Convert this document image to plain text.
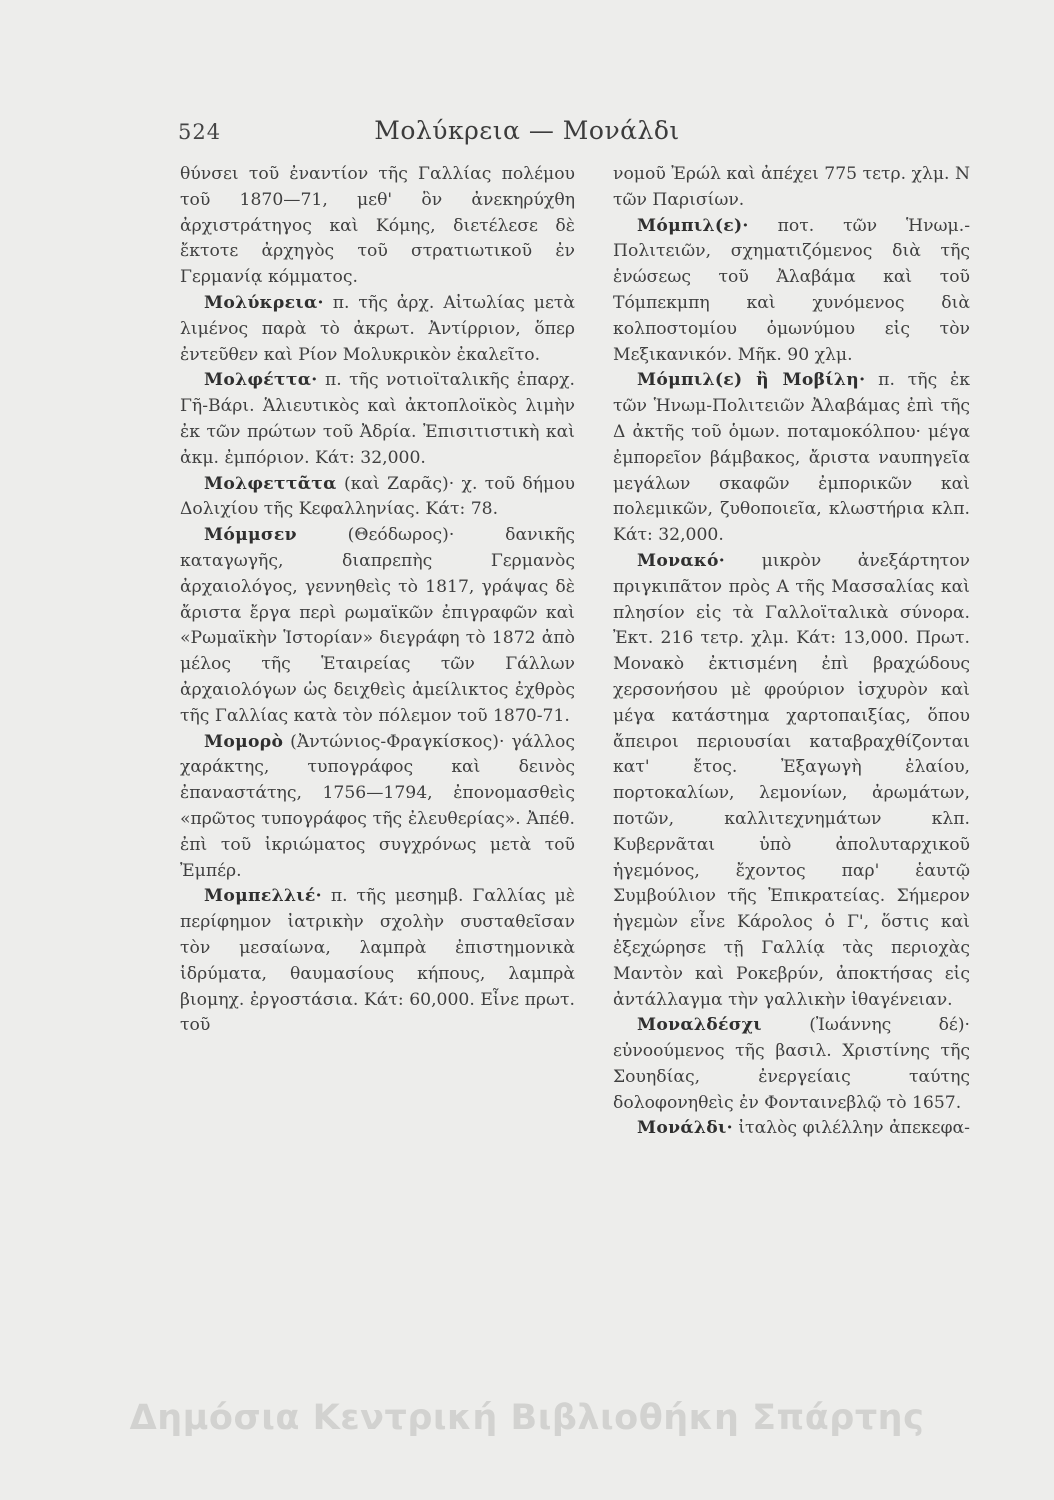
524	Μολύκρεια — Μονάλδι

θύνσει τοῦ ἐναντίον τῆς Γαλλίας πολέμου τοῦ 1870—71, μεθ' ὃν ἀνεκηρύχθη ἀρχιστράτηγος καὶ Κόμης, διετέλεσε δὲ ἔκτοτε ἀρχηγὸς τοῦ στρατιωτικοῦ ἐν Γερμανίᾳ κόμματος.

Μολύκρεια· π. τῆς ἀρχ. Αἰτωλίας μετὰ λιμένος παρὰ τὸ ἀκρωτ. Ἀντίρριον, ὅπερ ἐντεῦθεν καὶ Ρίον Μολυκρικὸν ἐκαλεῖτο.

Μολφέττα· π. τῆς νοτιοϊταλικῆς ἐπαρχ. Γῆ-Βάρι. Ἁλιευτικὸς καὶ ἀκτοπλοϊκὸς λιμὴν ἐκ τῶν πρώτων τοῦ Ἀδρία. Ἐπισιτιστικὴ καὶ ἀκμ. ἐμπόριον. Κάτ: 32,000.

Μολφεττᾶτα (καὶ Ζαρᾶς)· χ. τοῦ δήμου Δολιχίου τῆς Κεφαλληνίας. Κάτ: 78.

Μόμμσεν (Θεόδωρος)· δανικῆς καταγωγῆς, διαπρεπὴς Γερμανὸς ἀρχαιολόγος, γεννηθεὶς τὸ 1817, γράψας δὲ ἄριστα ἔργα περὶ ρωμαϊκῶν ἐπιγραφῶν καὶ «Ρωμαϊκὴν Ἱστορίαν» διεγράφη τὸ 1872 ἀπὸ μέλος τῆς Ἑταιρείας τῶν Γάλλων ἀρχαιολόγων ὡς δειχθεὶς ἀμείλικτος ἐχθρὸς τῆς Γαλλίας κατὰ τὸν πόλεμον τοῦ 1870-71.

Μομορὸ (Ἀντώνιος-Φραγκίσκος)· γάλλος χαράκτης, τυπογράφος καὶ δεινὸς ἐπαναστάτης, 1756—1794, ἐπονομασθεὶς «πρῶτος τυπογράφος τῆς ἐλευθερίας». Ἀπέθ. ἐπὶ τοῦ ἰκριώματος συγχρόνως μετὰ τοῦ Ἐμπέρ.

Μομπελλιέ· π. τῆς μεσημβ. Γαλλίας μὲ περίφημον ἰατρικὴν σχολὴν συσταθεῖσαν τὸν μεσαίωνα, λαμπρὰ ἐπιστημονικὰ ἱδρύματα, θαυμασίους κήπους, λαμπρὰ βιομηχ. ἐργοστάσια. Κάτ: 60,000. Εἶνε πρωτ. τοῦ

νομοῦ Ἐρώλ καὶ ἀπέχει 775 τετρ. χλμ. Ν τῶν Παρισίων.

Μόμπιλ(ε)· ποτ. τῶν Ἡνωμ.-Πολιτειῶν, σχηματιζόμενος διὰ τῆς ἑνώσεως τοῦ Ἀλαβάμα καὶ τοῦ Τόμπεκμπη καὶ χυνόμενος διὰ κολποστομίου ὁμωνύμου εἰς τὸν Μεξικανικόν. Μῆκ. 90 χλμ.

Μόμπιλ(ε) ἢ Μοβίλη· π. τῆς ἐκ τῶν Ἡνωμ-Πολιτειῶν Ἀλαβάμας ἐπὶ τῆς Δ ἀκτῆς τοῦ ὁμων. ποταμοκόλπου· μέγα ἐμπορεῖον βάμβακος, ἄριστα ναυπηγεῖα μεγάλων σκαφῶν ἐμπορικῶν καὶ πολεμικῶν, ζυθοποιεῖα, κλωστήρια κλπ. Κάτ: 32,000.

Μονακό· μικρὸν ἀνεξάρτητον πριγκιπᾶτον πρὸς Α τῆς Μασσαλίας καὶ πλησίον εἰς τὰ Γαλλοϊταλικὰ σύνορα. Ἐκτ. 216 τετρ. χλμ. Κάτ: 13,000. Πρωτ. Μονακὸ ἐκτισμένη ἐπὶ βραχώδους χερσονήσου μὲ φρούριον ἰσχυρὸν καὶ μέγα κατάστημα χαρτοπαιξίας, ὅπου ἄπειροι περιουσίαι καταβραχθίζονται κατ' ἔτος. Ἐξαγωγὴ ἐλαίου, πορτοκαλίων, λεμονίων, ἀρωμάτων, ποτῶν, καλλιτεχνημάτων κλπ. Κυβερνᾶται ὑπὸ ἀπολυταρχικοῦ ἡγεμόνος, ἔχοντος παρ' ἑαυτῷ Συμβούλιον τῆς Ἐπικρατείας. Σήμερον ἡγεμὼν εἶνε Κάρολος ὁ Γ', ὅστις καὶ ἐξεχώρησε τῇ Γαλλίᾳ τὰς περιοχὰς Μαντὸν καὶ Ροκεβρύν, ἀποκτήσας εἰς ἀντάλλαγμα τὴν γαλλικὴν ἰθαγένειαν.

Μοναλδέσχι (Ἰωάννης δέ)· εὐνοούμενος τῆς βασιλ. Χριστίνης τῆς Σουηδίας, ἐνεργείαις ταύτης δολοφονηθεὶς ἐν Φονταινεβλῷ τὸ 1657.

Μονάλδι· ἰταλὸς φιλέλλην ἀπεκεφα-

Δημόσια Κεντρική Βιβλιοθήκη Σπάρτης
